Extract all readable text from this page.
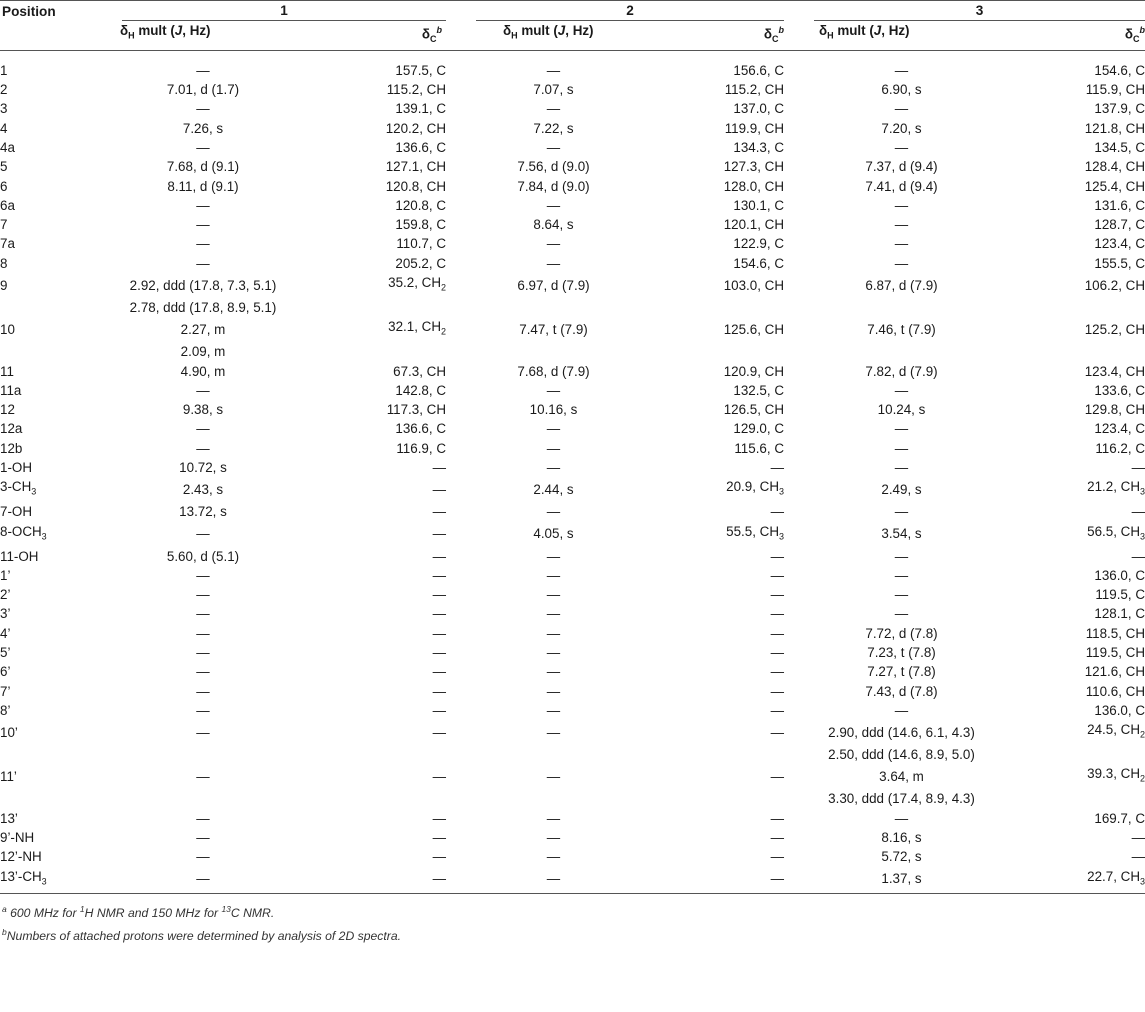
Position	1		2		3	

	$\delta_H$ mult (J, Hz)	$\delta_C^b$	$\delta_H$ mult (J, Hz)	$\delta_C^b$	$\delta_H$ mult (J, Hz)	$\delta_C^b$

1	—	157.5, C	—	156.6, C	—	154.6, C
2	7.01, d (1.7)	115.2, CH	7.07, s	115.2, CH	6.90, s	115.9, CH
3	—	139.1, C	—	137.0, C	—	137.9, C
4	7.26, s	120.2, CH	7.22, s	119.9, CH	7.20, s	121.8, CH
4a	—	136.6, C	—	134.3, C	—	134.5, C
5	7.68, d (9.1)	127.1, CH	7.56, d (9.0)	127.3, CH	7.37, d (9.4)	128.4, CH
6	8.11, d (9.1)	120.8, CH	7.84, d (9.0)	128.0, CH	7.41, d (9.4)	125.4, CH
6a	—	120.8, C	—	130.1, C	—	131.6, C
7	—	159.8, C	8.64, s	120.1, CH	—	128.7, C
7a	—	110.7, C	—	122.9, C	—	123.4, C
8	—	205.2, C	—	154.6, C	—	155.5, C
9	2.92, ddd (17.8, 7.3, 5.1)	35.2, $CH_2$	6.97, d (7.9)	103.0, CH	6.87, d (7.9)	106.2, CH
	2.78, ddd (17.8, 8.9, 5.1)					
10	2.27, m	32.1, $CH_2$	7.47, t (7.9)	125.6, CH	7.46, t (7.9)	125.2, CH
	2.09, m					
11	4.90, m	67.3, CH	7.68, d (7.9)	120.9, CH	7.82, d (7.9)	123.4, CH
11a	—	142.8, C	—	132.5, C	—	133.6, C
12	9.38, s	117.3, CH	10.16, s	126.5, CH	10.24, s	129.8, CH
12a	—	136.6, C	—	129.0, C	—	123.4, C
12b	—	116.9, C	—	115.6, C	—	116.2, C
1-OH	10.72, s	—	—	—	—	—
$3-CH_3$	2.43, s	—	2.44, s	20.9, $CH_3$	2.49, s	21.2, $CH_3$
7-OH	13.72, s	—	—	—	—	—
$8-OCH_3$	—	—	4.05, s	55.5, $CH_3$	3.54, s	56.5, $CH_3$
11-OH	5.60, d (5.1)	—	—	—	—	—
1’	—	—	—	—	—	136.0, C
2’	—	—	—	—	—	119.5, C
3’	—	—	—	—	—	128.1, C
4’	—	—	—	—	7.72, d (7.8)	118.5, CH
5’	—	—	—	—	7.23, t (7.8)	119.5, CH
6’	—	—	—	—	7.27, t (7.8)	121.6, CH
7’	—	—	—	—	7.43, d (7.8)	110.6, CH
8’	—	—	—	—	—	136.0, C
10’	—	—	—	—	2.90, ddd (14.6, 6.1, 4.3)	24.5, $CH_2$
					2.50, ddd (14.6, 8.9, 5.0)	
11’	—	—	—	—	3.64, m	39.3, $CH_2$
					3.30, ddd (17.4, 8.9, 4.3)	
13’	—	—	—	—	—	169.7, C
9’-NH	—	—	—	—	8.16, s	—
12’-NH	—	—	—	—	5.72, s	—
$13’-CH_3$	—	—	—	—	1.37, s	22.7, $CH_3$
$^a$ 600 MHz for $^1$H NMR and 150 MHz for $^{13}$C NMR.
$^b$Numbers of attached protons were determined by analysis of 2D spectra.
